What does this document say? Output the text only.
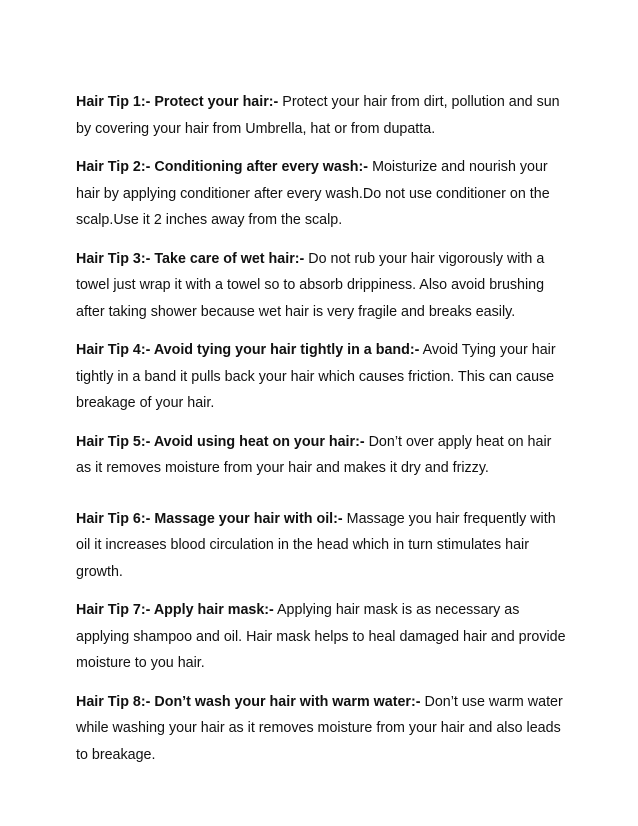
Hair Tip 1:- Protect your hair:- Protect your hair from dirt, pollution and sun by covering your hair from Umbrella, hat or from dupatta.

Hair Tip 2:- Conditioning after every wash:- Moisturize and nourish your hair by applying conditioner after every wash.Do not use conditioner on the scalp.Use it 2 inches away from the scalp.

Hair Tip 3:- Take care of wet hair:- Do not rub your hair vigorously with a towel just wrap it with a towel so to absorb drippiness. Also avoid brushing after taking shower because wet hair is very fragile and breaks easily.

Hair Tip 4:- Avoid tying your hair tightly in a band:- Avoid Tying your hair tightly in a band it pulls back your hair which causes friction. This can cause breakage of your hair.

Hair Tip 5:- Avoid using heat on your hair:- Don’t over apply heat on hair as it removes moisture from your hair and makes it dry and frizzy.

Hair Tip 6:- Massage your hair with oil:- Massage you hair frequently with oil it increases blood circulation in the head which in turn stimulates hair growth.

Hair Tip 7:- Apply hair mask:- Applying hair mask is as necessary as applying shampoo and oil. Hair mask helps to heal damaged hair and provide moisture to you hair.

Hair Tip 8:- Don’t wash your hair with warm water:- Don’t use warm water while washing your hair as it removes moisture from your hair and also leads to breakage.
